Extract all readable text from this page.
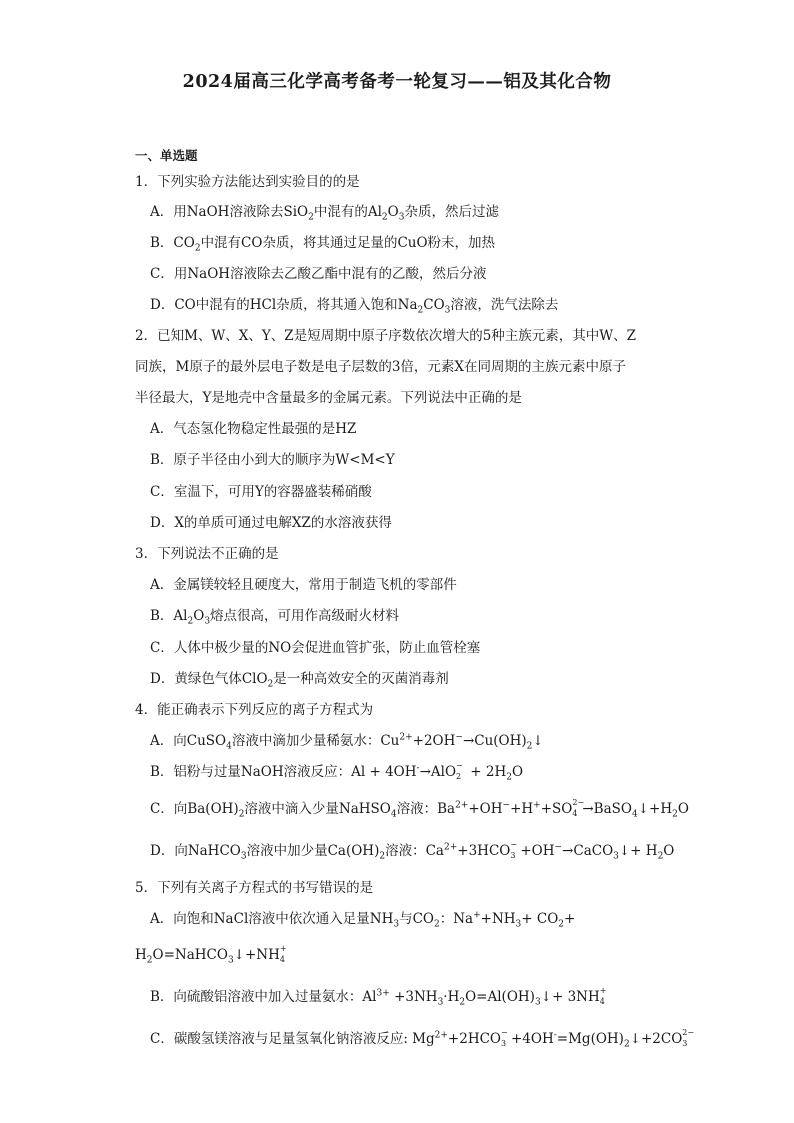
2024届高三化学高考备考一轮复习——铝及其化合物
一、单选题
1．下列实验方法能达到实验目的的是
A．用NaOH溶液除去SiO$_2$中混有的$Al_2O_3$杂质，然后过滤
B．$CO_2$中混有CO杂质，将其通过足量的CuO粉末，加热
C．用NaOH溶液除去乙酸乙酯中混有的乙酸，然后分液
D．CO中混有的HCl杂质，将其通入饱和$Na_2CO_3$溶液，洗气法除去
2．已知M、W、X、Y、Z是短周期中原子序数依次增大的5种主族元素，其中W、Z
同族，M原子的最外层电子数是电子层数的3倍，元素X在同周期的主族元素中原子
半径最大，Y是地壳中含量最多的金属元素。下列说法中正确的是
A．气态氢化物稳定性最强的是HZ
B．原子半径由小到大的顺序为W<M<Y
C．室温下，可用Y的容器盛装稀硝酸
D．X的单质可通过电解XZ的水溶液获得
3．下列说法不正确的是
A．金属镁较轻且硬度大，常用于制造飞机的零部件
B．$Al_2O_3$熔点很高，可用作高级耐火材料
C．人体中极少量的NO会促进血管扩张，防止血管栓塞
D．黄绿色气体ClO$_2$是一种高效安全的灭菌消毒剂
4．能正确表示下列反应的离子方程式为
A．向CuSO$_4$溶液中滴加少量稀氨水：$Cu^{2+}+2OH^-\to Cu(OH)_2↓$
B．铝粉与过量NaOH溶液反应：Al + 4OH-→AlO −
$2 + 2H_2O$
C．向$Ba(OH)_2$溶液中滴入少量NaHSO$_4$溶液：$Ba^{2+}+OH^-+H^++SO$ 2−
$4 \to BaSO_4↓+H_2O$
D．向NaHCO$_3$溶液中加少量$Ca(OH)_2$溶液：$Ca^{2+}+3HCO$ −
3 +OH−→CaCO$_3$↓+ $H_2O$
5．下列有关离子方程式的书写错误的是
A．向饱和NaCl溶液中依次通入足量$NH_3$与$CO_2$：$Na^++NH_3+ CO_2+$
$H_2O=NaHCO_3↓+NH$ +
4
B．向硫酸铝溶液中加入过量氨水：$Al^{3+}$ $+3NH_3\cdot H_2O=Al(OH)_3↓+ 3NH$ +
4
C．碳酸氢镁溶液与足量氢氧化钠溶液反应: $Mg^{2+}+2HCO$ −
$3 +4OH^-=Mg(OH)_2↓+2CO$ 2−
3
